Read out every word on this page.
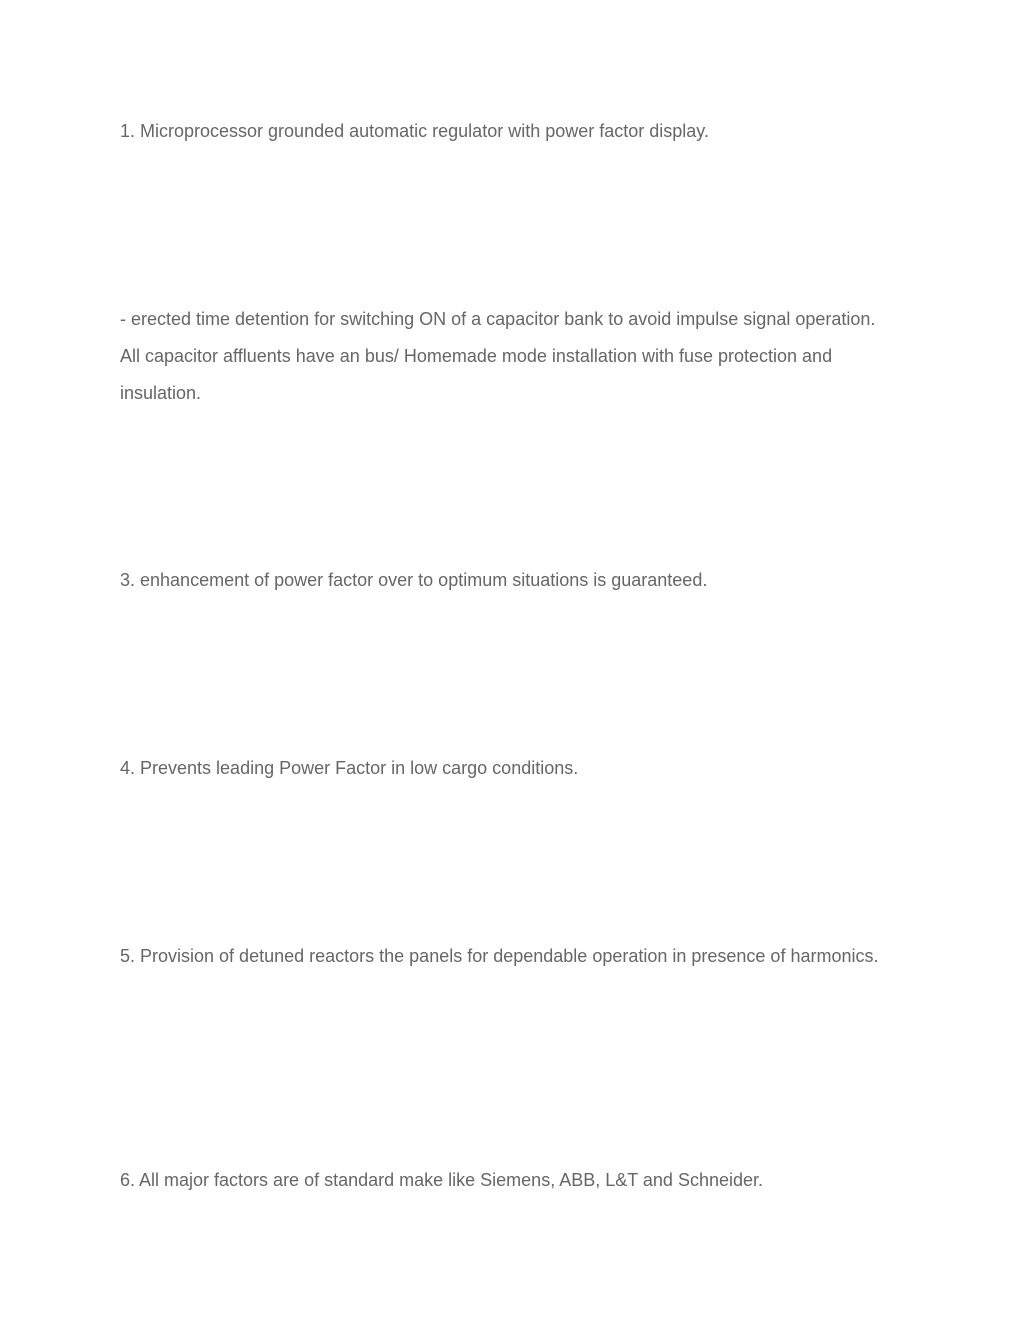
1. Microprocessor grounded automatic regulator with power factor display.

- erected time detention for switching ON of a capacitor bank to avoid impulse signal operation. All capacitor affluents have an bus/ Homemade mode installation with fuse protection and insulation.

3. enhancement of power factor over to optimum situations is guaranteed.

4. Prevents leading Power Factor in low cargo conditions.

5. Provision of detuned reactors the panels for dependable operation in presence of harmonics.

6. All major factors are of standard make like Siemens, ABB, L&T and Schneider.
